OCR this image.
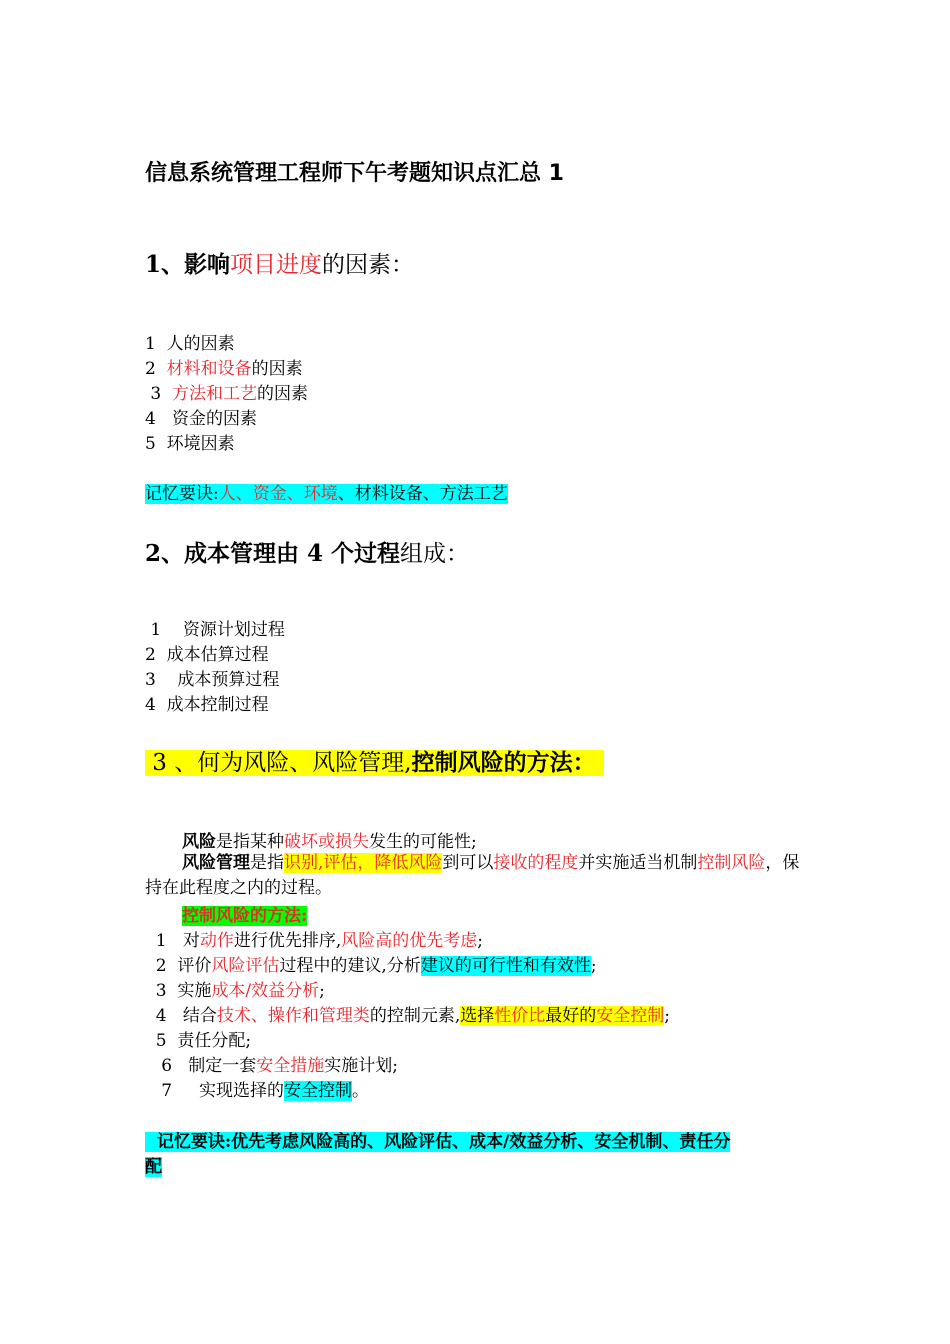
信息系统管理工程师下午考题知识点汇总 1
1、影响项目进度的因素：
1  人的因素
2  材料和设备的因素
3  方法和工艺的因素
4   资金的因素
5  环境因素
记忆要诀:人、资金、环境、材料设备、方法工艺
2、成本管理由 4 个过程组成：
1    资源计划过程
2  成本估算过程
3    成本预算过程
4  成本控制过程
3 、何为风险、风险管理,控制风险的方法：
风险是指某种破坏或损失发生的可能性;
风险管理是指识别,评估，降低风险到可以接收的程度并实施适当机制控制风险，保持在此程度之内的过程。
控制风险的方法:
1   对动作进行优先排序,风险高的优先考虑;
2  评价风险评估过程中的建议,分析建议的可行性和有效性;
3  实施成本/效益分析;
4   结合技术、操作和管理类的控制元素,选择性价比最好的安全控制;
5  责任分配;
6   制定一套安全措施实施计划;
7     实现选择的安全控制。
记忆要诀:优先考虑风险高的、风险评估、成本/效益分析、安全机制、责任分
配
